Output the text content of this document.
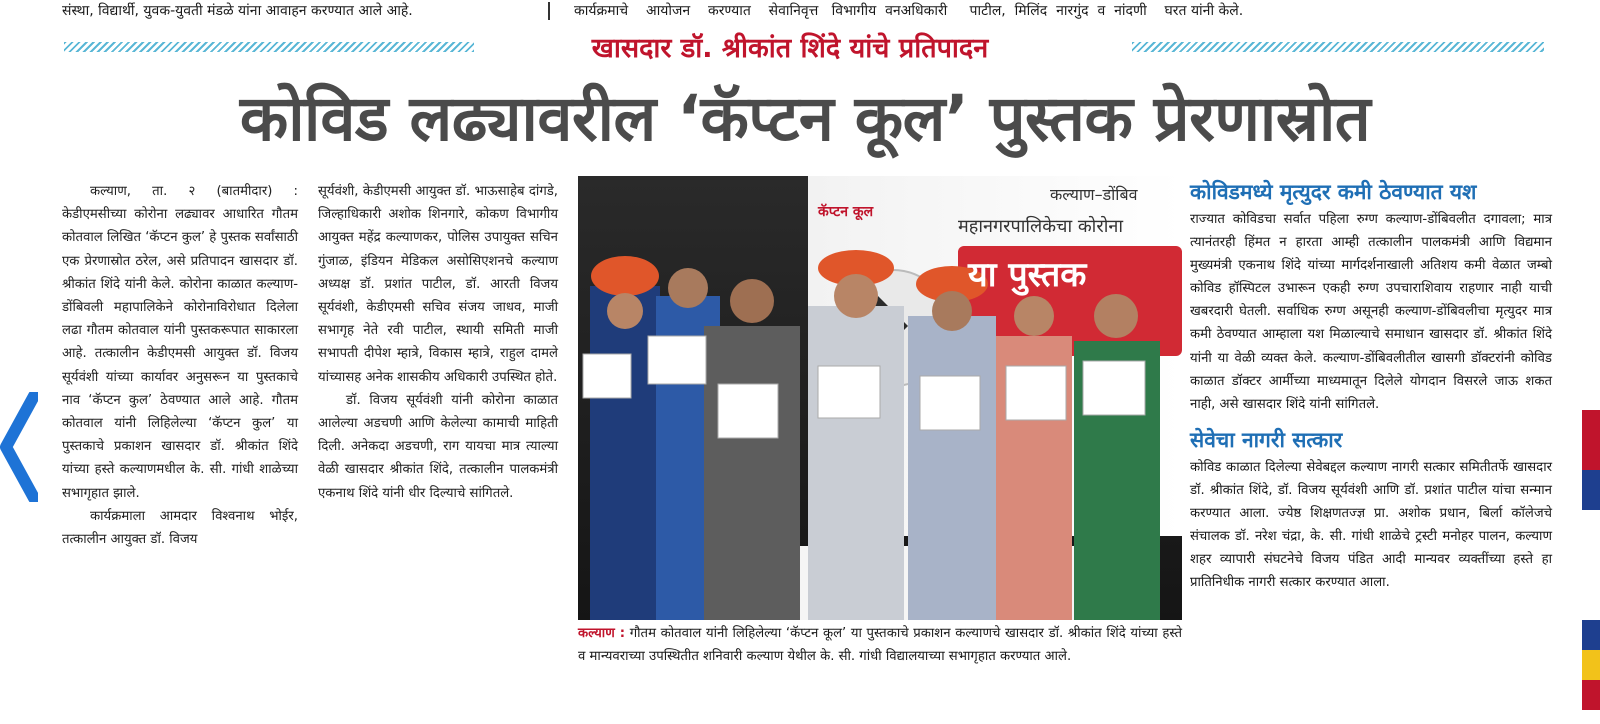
संस्था, विद्यार्थी, युवक-युवती मंडळे यांना आवाहन करण्यात आले आहे.	कार्यक्रमाचे    आयोजन    करण्यात    सेवानिवृत्त   विभागीय  वनअधिकारी     पाटील,  मिलिंद  नारगुंद  व  नांदणी    घरत यांनी केले.
खासदार डॉ. श्रीकांत शिंदे यांचे प्रतिपादन
कोविड लढ्यावरील ‘कॅप्टन कूल’ पुस्तक प्रेरणास्रोत

कल्याण, ता. २ (बातमीदार) : केडीएमसीच्या कोरोना लढ्यावर आधारित गौतम कोतवाल लिखित ‘कॅप्टन कुल’ हे पुस्तक सर्वांसाठी एक प्रेरणास्रोत ठरेल, असे प्रतिपादन खासदार डॉ. श्रीकांत शिंदे यांनी केले. कोरोना काळात कल्याण-डोंबिवली महापालिकेने कोरोनाविरोधात दिलेला लढा गौतम कोतवाल यांनी पुस्तकरूपात साकारला आहे. तत्कालीन केडीएमसी आयुक्त डॉ. विजय सूर्यवंशी यांच्या कार्यावर अनुसरून या पुस्तकाचे नाव ‘कॅप्टन कुल’ ठेवण्यात आले आहे. गौतम कोतवाल यांनी लिहिलेल्या ‘कॅप्टन कुल’ या पुस्तकाचे प्रकाशन खासदार डॉ. श्रीकांत शिंदे यांच्या हस्ते कल्याणमधील के. सी. गांधी शाळेच्या सभागृहात झाले.

कार्यक्रमाला आमदार विश्वनाथ भोईर, तत्कालीन आयुक्त डॉ. विजय

सूर्यवंशी, केडीएमसी आयुक्त डॉ. भाऊसाहेब दांगडे, जिल्हाधिकारी अशोक शिनगारे, कोकण विभागीय आयुक्त महेंद्र कल्याणकर, पोलिस उपायुक्त सचिन गुंजाळ, इंडियन मेडिकल असोसिएशनचे कल्याण अध्यक्ष डॉ. प्रशांत पाटील, डॉ. आरती विजय सूर्यवंशी, केडीएमसी सचिव संजय जाधव, माजी सभागृह नेते रवी पाटील, स्थायी समिती माजी सभापती दीपेश म्हात्रे, विकास म्हात्रे, राहुल दामले यांच्यासह अनेक शासकीय अधिकारी उपस्थित होते.

डॉ. विजय सूर्यवंशी यांनी कोरोना काळात आलेल्या अडचणी आणि केलेल्या कामाची माहिती दिली. अनेकदा अडचणी, राग यायचा मात्र त्याल्या वेळी खासदार श्रीकांत शिंदे, तत्कालीन पालकमंत्री एकनाथ शिंदे यांनी धीर दिल्याचे सांगितले.

कल्याण–डोंबिव
महानगरपालिकेचा कोरोना
या पुस्तक
कॅप्टन कूल
कल्याण : गौतम कोतवाल यांनी लिहिलेल्या ‘कॅप्टन कूल’ या पुस्तकाचे प्रकाशन कल्याणचे खासदार डॉ. श्रीकांत शिंदे यांच्या हस्ते व मान्यवराच्या उपस्थितीत शनिवारी कल्याण येथील के. सी. गांधी विद्यालयाच्या सभागृहात करण्यात आले.
कोविडमध्ये मृत्युदर कमी ठेवण्यात यश
राज्यात कोविडचा सर्वात पहिला रुग्ण कल्याण-डोंबिवलीत दगावला; मात्र त्यानंतरही हिंमत न हारता आम्ही तत्कालीन पालकमंत्री आणि विद्यमान मुख्यमंत्री एकनाथ शिंदे यांच्या मार्गदर्शनाखाली अतिशय कमी वेळात जम्बो कोविड हॉस्पिटल उभारून एकही रुग्ण उपचाराशिवाय राहणार नाही याची खबरदारी घेतली. सर्वाधिक रुग्ण असूनही कल्याण-डोंबिवलीचा मृत्युदर मात्र कमी ठेवण्यात आम्हाला यश मिळाल्याचे समाधान खासदार डॉ. श्रीकांत शिंदे यांनी या वेळी व्यक्त केले. कल्याण-डोंबिवलीतील खासगी डॉक्टरांनी कोविड काळात डॉक्टर आर्मीच्या माध्यमातून दिलेले योगदान विसरले जाऊ शकत नाही, असे खासदार शिंदे यांनी सांगितले.
सेवेचा नागरी सत्कार
कोविड काळात दिलेल्या सेवेबद्दल कल्याण नागरी सत्कार समितीतर्फे खासदार डॉ. श्रीकांत शिंदे, डॉ. विजय सूर्यवंशी आणि डॉ. प्रशांत पाटील यांचा सन्मान करण्यात आला. ज्येष्ठ शिक्षणतज्ज्ञ प्रा. अशोक प्रधान, बिर्ला कॉलेजचे संचालक डॉ. नरेश चंद्रा, के. सी. गांधी शाळेचे ट्रस्टी मनोहर पालन, कल्याण शहर व्यापारी संघटनेचे विजय पंडित आदी मान्यवर व्यक्तींच्या हस्ते हा प्रातिनिधीक नागरी सत्कार करण्यात आला.
